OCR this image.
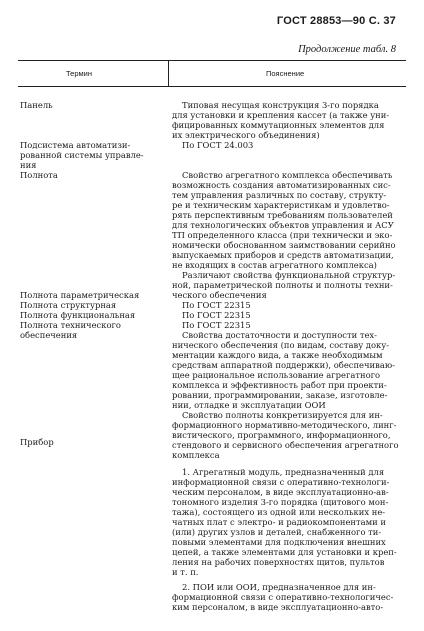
ГОСТ 28853—90 С. 37
Продолжение табл. 8
Термин	Пояснение
Панель
Подсистема автоматизи-
рованной системы управле-
ния
Полнота
Полнота параметрическая
Полнота структурная
Полнота функциональная
Полнота технического
обеспечения
Прибор
Типовая несущая конструкция 3-го порядка
для установки и крепления кассет (а также уни-
фицированных коммутационных элементов для
их электрического объединения)
По ГОСТ 24.003
Свойство агрегатного комплекса обеспечивать
возможность создания автоматизированных сис-
тем управления различных по составу, структу-
ре и техническим характеристикам и удовлетво-
рять перспективным требованиям пользователей
для технологических объектов управления и АСУ
ТП определенного класса (при технически и эко-
номически обоснованном заимствовании серийно
выпускаемых приборов и средств автоматизации,
не входящих в состав агрегатного комплекса)
Различают свойства функциональной структур-
ной, параметрической полноты и полноты техни-
ческого обеспечения
По ГОСТ 22315
По ГОСТ 22315
По ГОСТ 22315
Свойства достаточности и доступности тех-
нического обеспечения (по видам, составу доку-
ментации каждого вида, а также необходимым
средствам аппаратной поддержки), обеспечиваю-
щее рациональное использование агрегатного
комплекса и эффективность работ при проекти-
ровании, программировании, заказе, изготовле-
нии, отладке и эксплуатации ООИ
Свойство полноты конкретизируется для ин-
формационного нормативно-методического, линг-
вистического, программного, информационного,
стендового и сервисного обеспечения агрегатного
комплекса
1. Агрегатный модуль, предназначенный для
информационной связи с оперативно-технологи-
ческим персоналом, в виде эксплуатационно-ав-
тономного изделия 3-го порядка (щитового мон-
тажа), состоящего из одной или нескольких не-
чатных плат с электро- и радиокомпонентами и
(или) других узлов и деталей, снабженного ти-
повыми элементами для подключения внешних
цепей, а также элементами для установки и креп-
ления на рабочих поверхностях щитов, пультов
и т. п.
2. ПОИ или ООИ, предназначенное для ин-
формационной связи с оперативно-технологичес-
ким персоналом, в виде эксплуатационно-авто-
